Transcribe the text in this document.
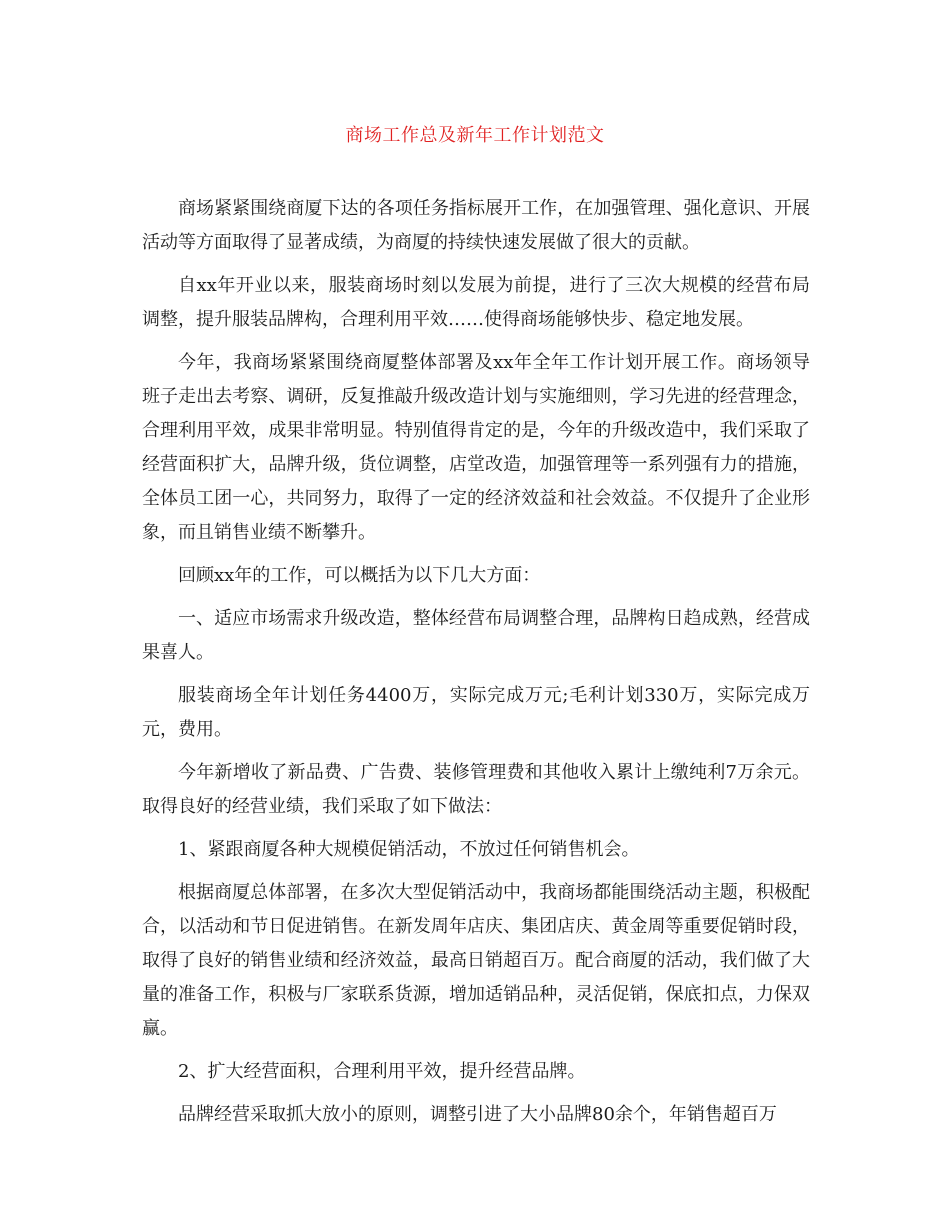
商场工作总及新年工作计划范文

商场紧紧围绕商厦下达的各项任务指标展开工作，在加强管理、强化意识、开展活动等方面取得了显著成绩，为商厦的持续快速发展做了很大的贡献。

自xx年开业以来，服装商场时刻以发展为前提，进行了三次大规模的经营布局调整，提升服装品牌构，合理利用平效……使得商场能够快步、稳定地发展。

今年，我商场紧紧围绕商厦整体部署及xx年全年工作计划开展工作。商场领导班子走出去考察、调研，反复推敲升级改造计划与实施细则，学习先进的经营理念，合理利用平效，成果非常明显。特别值得肯定的是，今年的升级改造中，我们采取了经营面积扩大，品牌升级，货位调整，店堂改造，加强管理等一系列强有力的措施，全体员工团一心，共同努力，取得了一定的经济效益和社会效益。不仅提升了企业形象，而且销售业绩不断攀升。

回顾xx年的工作，可以概括为以下几大方面：

一、适应市场需求升级改造，整体经营布局调整合理，品牌构日趋成熟，经营成果喜人。

服装商场全年计划任务4400万，实际完成万元;毛利计划330万，实际完成万元，费用。

今年新增收了新品费、广告费、装修管理费和其他收入累计上缴纯利7万余元。取得良好的经营业绩，我们采取了如下做法：

1、紧跟商厦各种大规模促销活动，不放过任何销售机会。

根据商厦总体部署，在多次大型促销活动中，我商场都能围绕活动主题，积极配合，以活动和节日促进销售。在新发周年店庆、集团店庆、黄金周等重要促销时段，取得了良好的销售业绩和经济效益，最高日销超百万。配合商厦的活动，我们做了大量的准备工作，积极与厂家联系货源，增加适销品种，灵活促销，保底扣点，力保双赢。

2、扩大经营面积，合理利用平效，提升经营品牌。

品牌经营采取抓大放小的原则，调整引进了大小品牌80余个，年销售超百万
